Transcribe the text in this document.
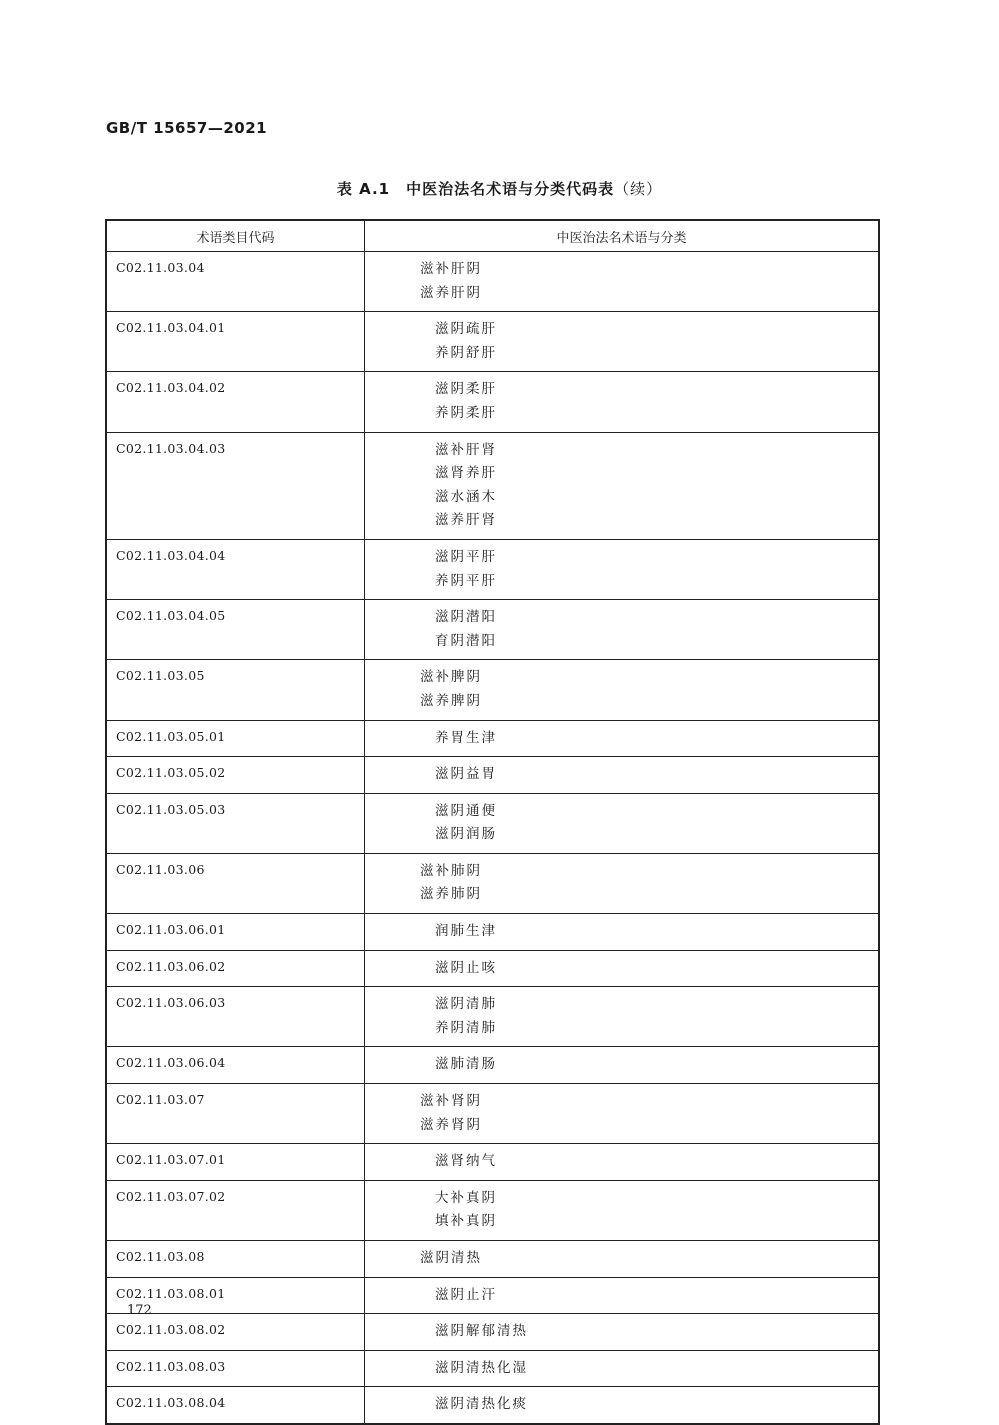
GB/T 15657—2021
表 A.1 中医治法名术语与分类代码表（续）
术语类目代码	中医治法名术语与分类
C02.11.03.04	滋补肝阴
滋养肝阴

C02.11.03.04.01	滋阴疏肝
养阴舒肝

C02.11.03.04.02	滋阴柔肝
养阴柔肝

C02.11.03.04.03	滋补肝肾
滋肾养肝
滋水涵木
滋养肝肾

C02.11.03.04.04	滋阴平肝
养阴平肝

C02.11.03.04.05	滋阴潜阳
育阴潜阳

C02.11.03.05	滋补脾阴
滋养脾阴

C02.11.03.05.01	养胃生津

C02.11.03.05.02	滋阴益胃

C02.11.03.05.03	滋阴通便
滋阴润肠

C02.11.03.06	滋补肺阴
滋养肺阴

C02.11.03.06.01	润肺生津

C02.11.03.06.02	滋阴止咳

C02.11.03.06.03	滋阴清肺
养阴清肺

C02.11.03.06.04	滋肺清肠

C02.11.03.07	滋补肾阴
滋养肾阴

C02.11.03.07.01	滋肾纳气

C02.11.03.07.02	大补真阴
填补真阴

C02.11.03.08	滋阴清热

C02.11.03.08.01	滋阴止汗

C02.11.03.08.02	滋阴解郁清热

C02.11.03.08.03	滋阴清热化湿

C02.11.03.08.04	滋阴清热化痰
172
